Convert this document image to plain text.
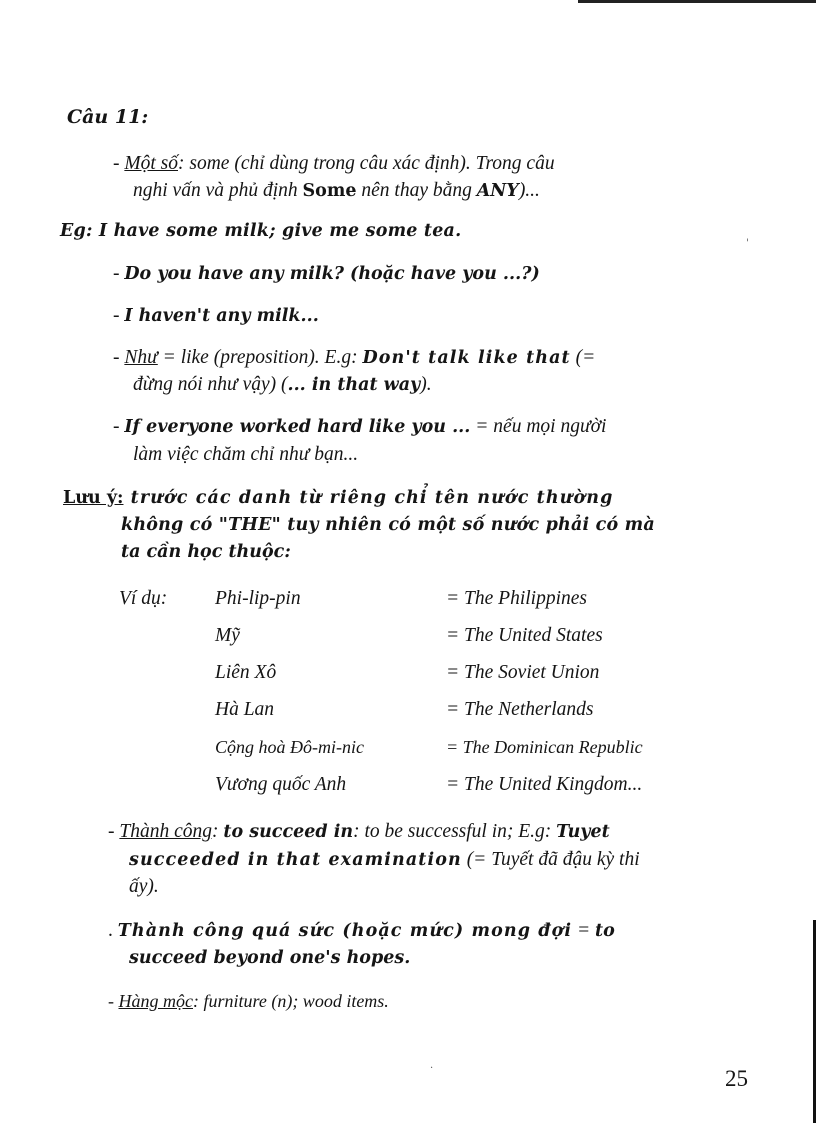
Câu 11:
- Một số: some (chỉ dùng trong câu xác định). Trong câu
nghi vấn và phủ định Some nên thay bằng ANY)...
Eg: I have some milk; give me some tea.
- Do you have any milk? (hoặc have you ...?)
- I haven't any milk...
- Như = like (preposition). E.g: Don't talk like that (=
đừng nói như vậy) (... in that way).
- If everyone worked hard like you ... = nếu mọi người
làm việc chăm chỉ như bạn...
Lưu ý: trước các danh từ riêng chỉ tên nước thường
không có "THE" tuy nhiên có một số nước phải có mà
ta cần học thuộc:
Ví dụ: Phi-lip-pin	= The Philippines
Mỹ	= The United States
Liên Xô	= The Soviet Union
Hà Lan	= The Netherlands
Cộng hoà Đô-mi-nic	= The Dominican Republic
Vương quốc Anh	= The United Kingdom...
- Thành công: to succeed in: to be successful in; E.g: Tuyet
succeeded in that examination (= Tuyết đã đậu kỳ thi
ấy).
. Thành công quá sức (hoặc mức) mong đợi = to
succeed beyond one's hopes.
- Hàng mộc: furniture (n); wood items.
25
'
.
